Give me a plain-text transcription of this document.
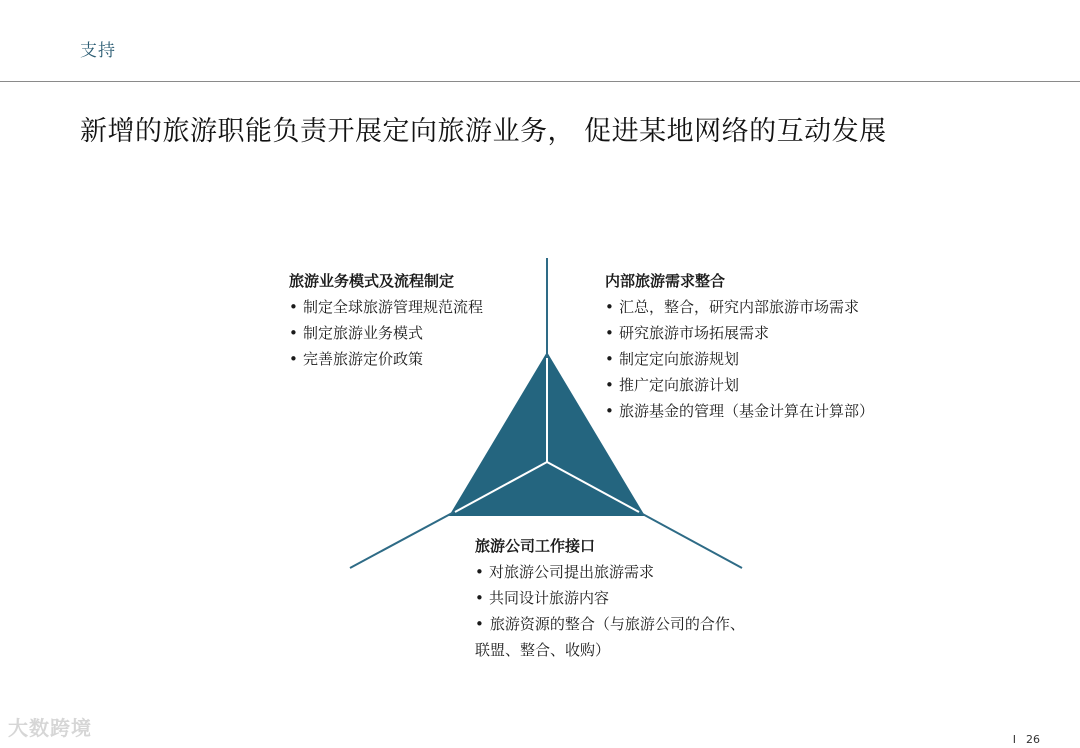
支持
新增的旅游职能负责开展定向旅游业务， 促进某地网络的互动发展
旅游业务模式及流程制定
• 制定全球旅游管理规范流程
• 制定旅游业务模式
• 完善旅游定价政策
内部旅游需求整合
• 汇总，整合，研究内部旅游市场需求
• 研究旅游市场拓展需求
• 制定定向旅游规划
• 推广定向旅游计划
• 旅游基金的管理（基金计算在计算部）
旅游公司工作接口
• 对旅游公司提出旅游需求
• 共同设计旅游内容
• 旅游资源的整合（与旅游公司的合作、联盟、整合、收购）
大数跨境	I 26
